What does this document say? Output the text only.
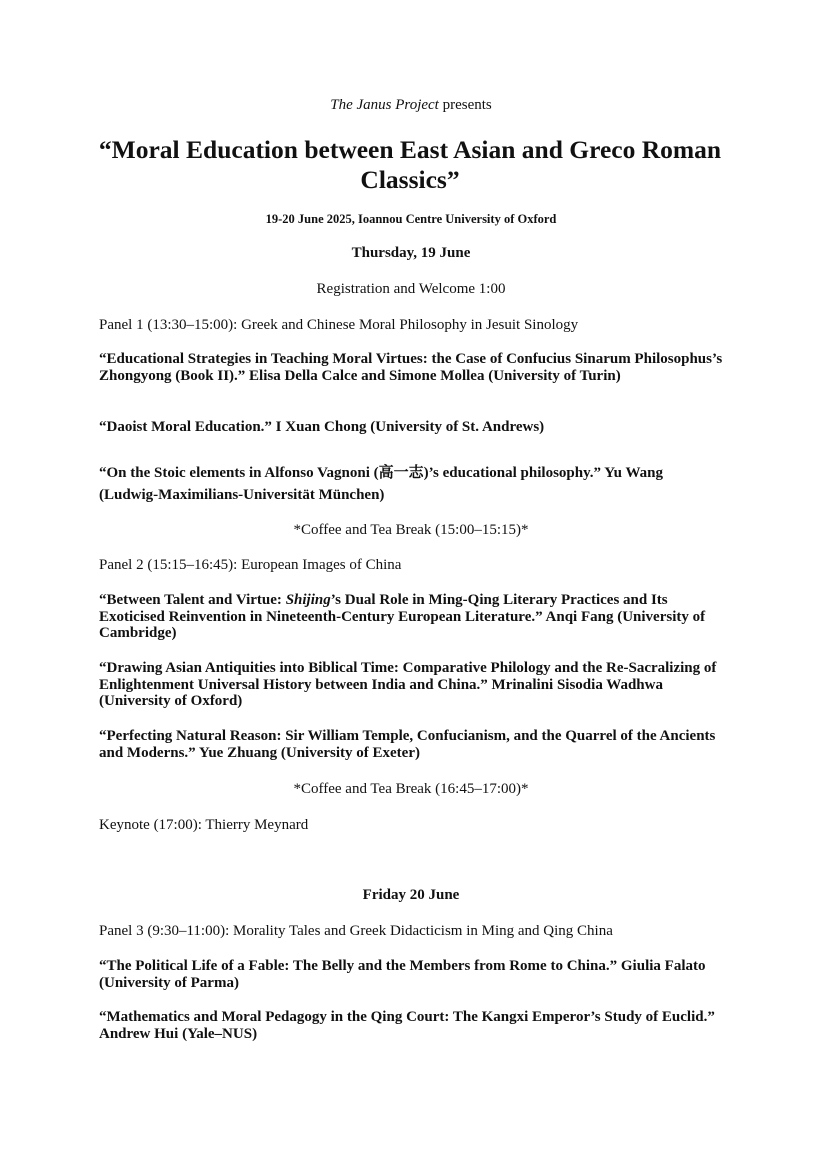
The Janus Project presents

“Moral Education between East Asian and Greco Roman Classics”

19-20 June 2025, Ioannou Centre University of Oxford

Thursday, 19 June

Registration and Welcome 1:00

Panel 1 (13:30–15:00): Greek and Chinese Moral Philosophy in Jesuit Sinology

“Educational Strategies in Teaching Moral Virtues: the Case of Confucius Sinarum Philosophus’s Zhongyong (Book II).” Elisa Della Calce and Simone Mollea (University of Turin)

“Daoist Moral Education.” I Xuan Chong (University of St. Andrews)

“On the Stoic elements in Alfonso Vagnoni (高一志)’s educational philosophy.” Yu Wang (Ludwig-Maximilians-Universität München)

*Coffee and Tea Break (15:00–15:15)*

Panel 2 (15:15–16:45): European Images of China

“Between Talent and Virtue: Shijing’s Dual Role in Ming-Qing Literary Practices and Its Exoticised Reinvention in Nineteenth-Century European Literature.” Anqi Fang (University of Cambridge)

“Drawing Asian Antiquities into Biblical Time: Comparative Philology and the Re-Sacralizing of Enlightenment Universal History between India and China.” Mrinalini Sisodia Wadhwa (University of Oxford)

“Perfecting Natural Reason: Sir William Temple, Confucianism, and the Quarrel of the Ancients and Moderns.” Yue Zhuang (University of Exeter)

*Coffee and Tea Break (16:45–17:00)*

Keynote (17:00): Thierry Meynard

Friday 20 June

Panel 3 (9:30–11:00): Morality Tales and Greek Didacticism in Ming and Qing China

“The Political Life of a Fable: The Belly and the Members from Rome to China.” Giulia Falato (University of Parma)

“Mathematics and Moral Pedagogy in the Qing Court: The Kangxi Emperor’s Study of Euclid.” Andrew Hui (Yale–NUS)
